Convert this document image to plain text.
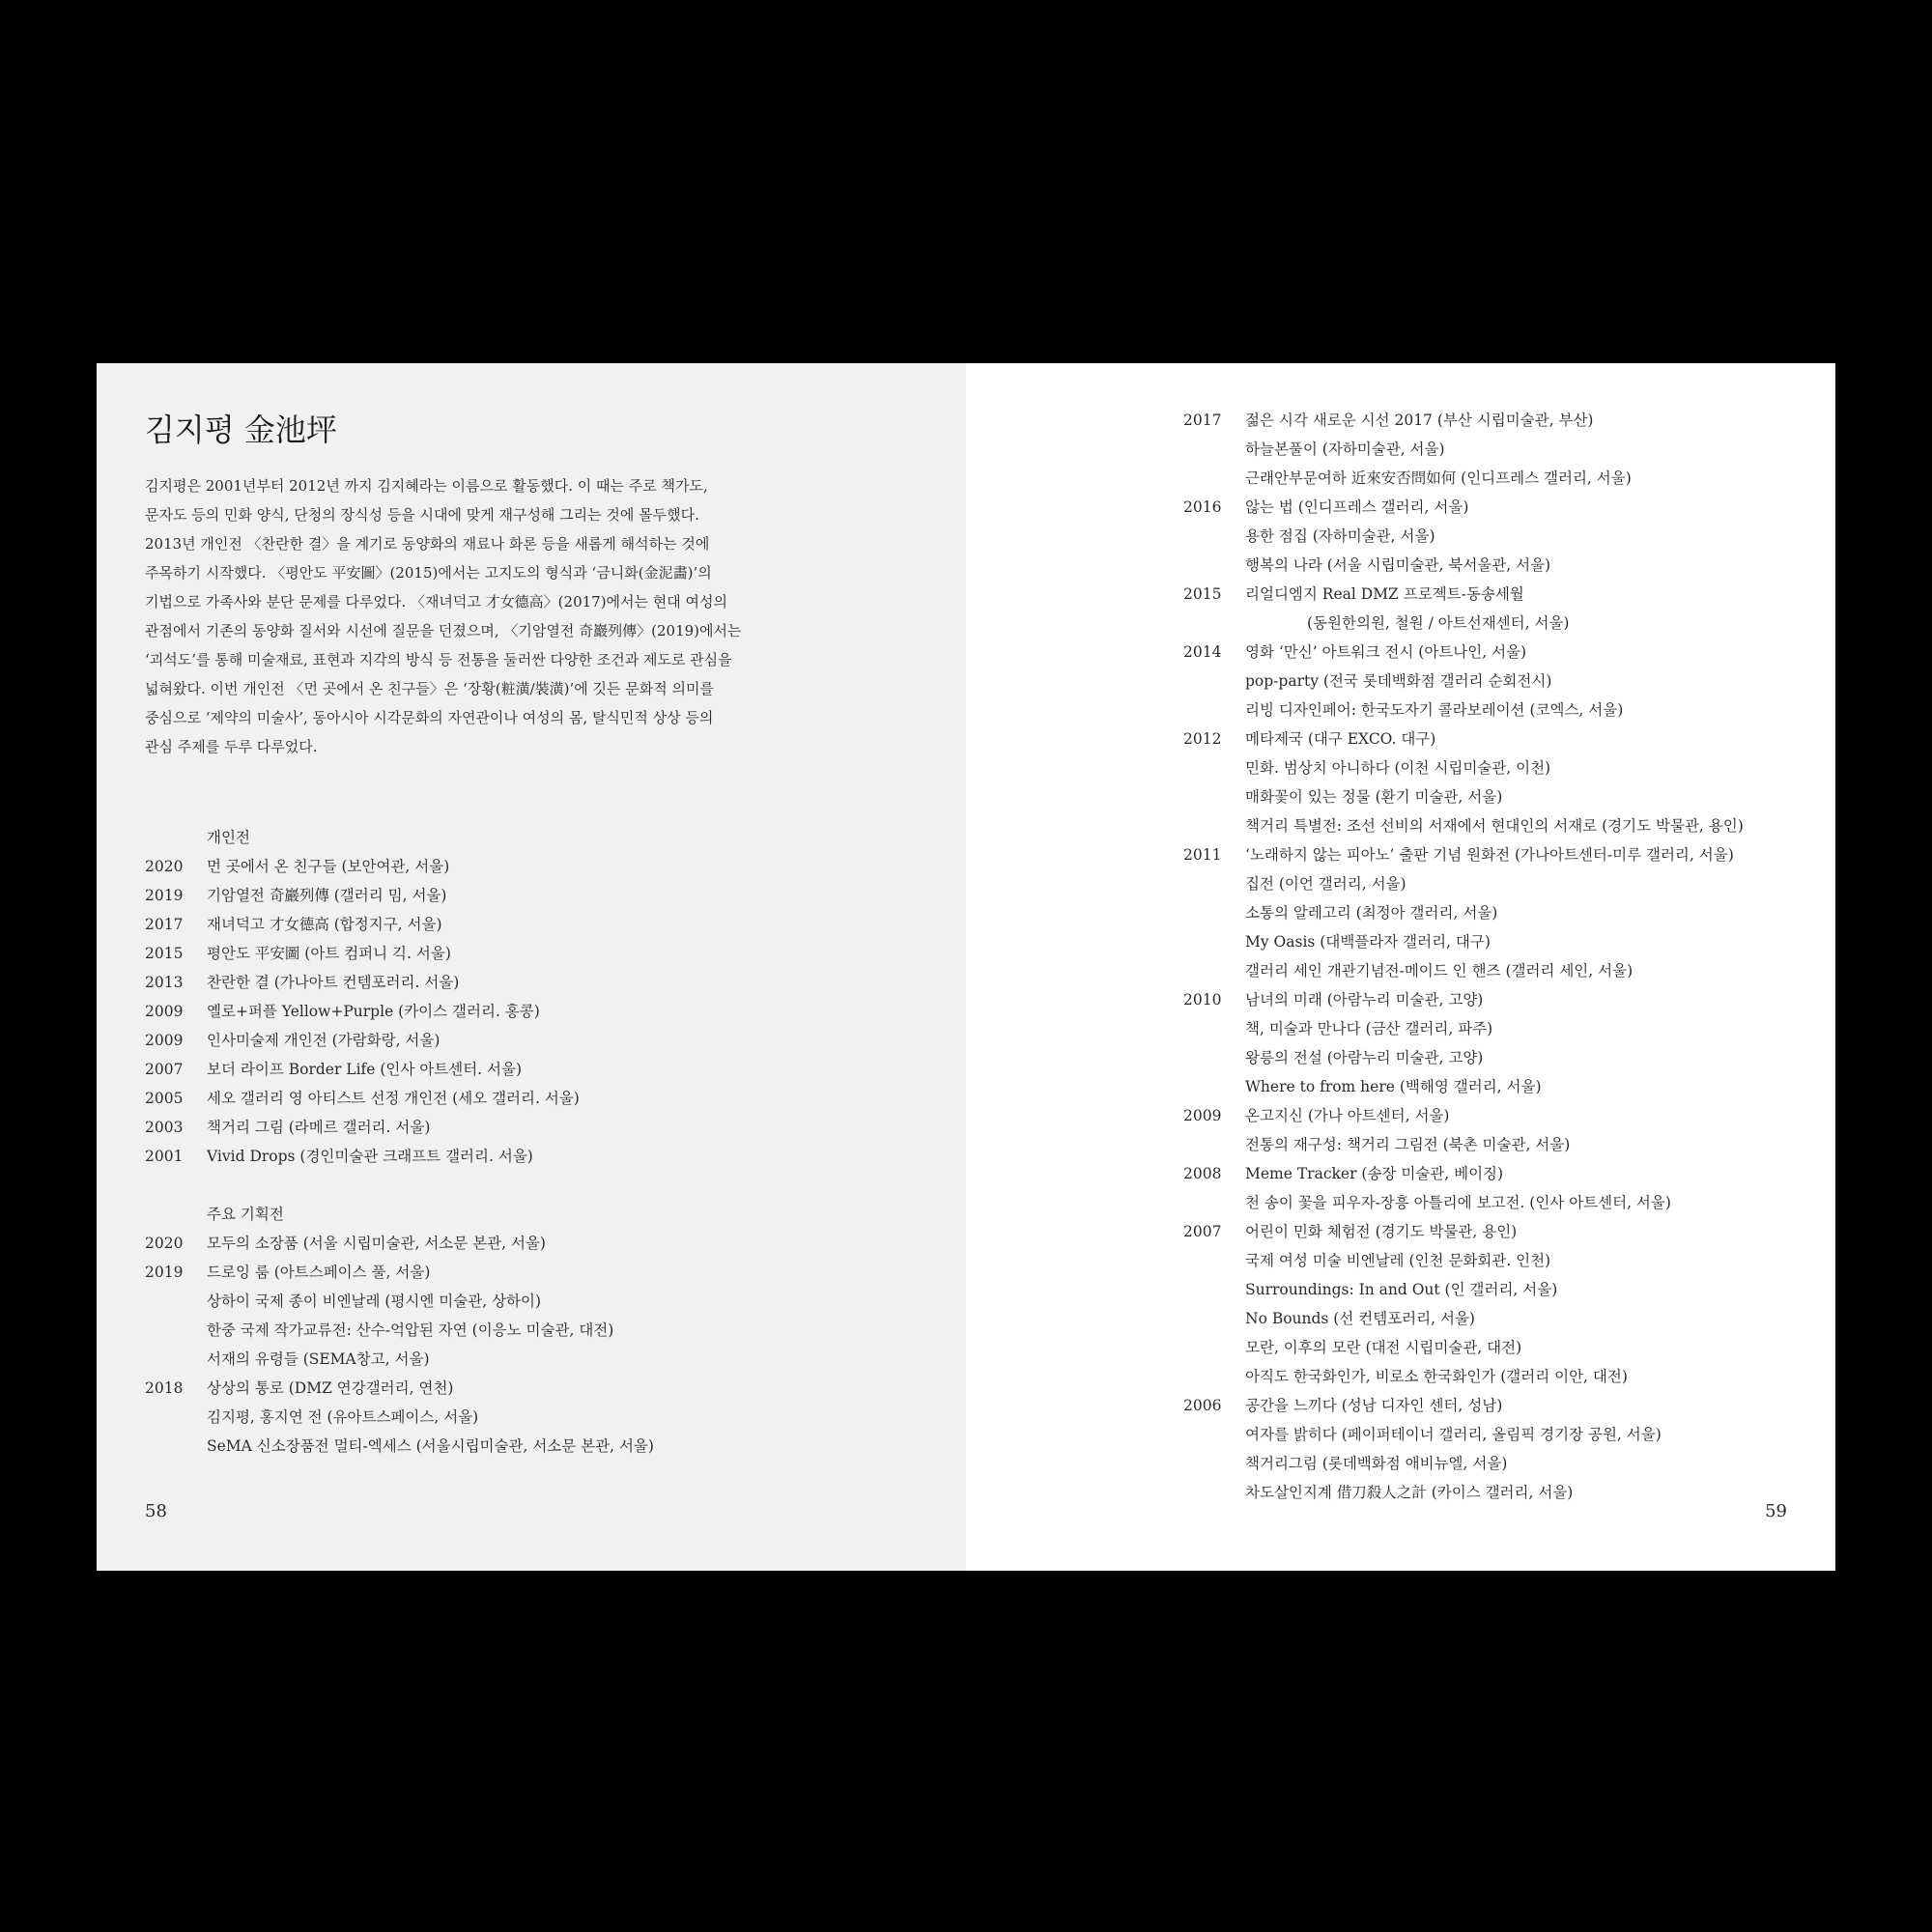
김지평 金池坪
김지평은 2001년부터 2012년 까지 김지혜라는 이름으로 활동했다. 이 때는 주로 책가도,
문자도 등의 민화 양식, 단청의 장식성 등을 시대에 맞게 재구성해 그리는 것에 몰두했다.
2013년 개인전 〈찬란한 결〉을 계기로 동양화의 재료나 화론 등을 새롭게 해석하는 것에
주목하기 시작했다. 〈평안도 平安圖〉(2015)에서는 고지도의 형식과 ‘금니화(金泥畵)’의
기법으로 가족사와 분단 문제를 다루었다. 〈재녀덕고 才女德高〉(2017)에서는 현대 여성의
관점에서 기존의 동양화 질서와 시선에 질문을 던졌으며, 〈기암열전 奇巖列傳〉(2019)에서는
‘괴석도’를 통해 미술재료, 표현과 지각의 방식 등 전통을 둘러싼 다양한 조건과 제도로 관심을
넓혀왔다. 이번 개인전 〈먼 곳에서 온 친구들〉은 ‘장황(粧潢/裝潢)’에 깃든 문화적 의미를
중심으로 ‘제약의 미술사’, 동아시아 시각문화의 자연관이나 여성의 몸, 탈식민적 상상 등의
관심 주제를 두루 다루었다.
개인전
2020	먼 곳에서 온 친구들 (보안여관, 서울)
2019	기암열전 奇巖列傳 (갤러리 밈, 서울)
2017	재녀덕고 才女德高 (합정지구, 서울)
2015	평안도 平安圖 (아트 컴퍼니 긱. 서울)
2013	찬란한 결 (가나아트 컨템포러리. 서울)
2009	옐로+퍼플 Yellow+Purple (카이스 갤러리. 홍콩)
2009	인사미술제 개인전 (가람화랑, 서울)
2007	보더 라이프 Border Life (인사 아트센터. 서울)
2005	세오 갤러리 영 아티스트 선정 개인전 (세오 갤러리. 서울)
2003	책거리 그림 (라메르 갤러리. 서울)
2001	Vivid Drops (경인미술관 크래프트 갤러리. 서울)
주요 기획전
2020	모두의 소장품 (서울 시립미술관, 서소문 본관, 서울)
2019	드로잉 룸 (아트스페이스 풀, 서울)
상하이 국제 종이 비엔날레 (평시엔 미술관, 상하이)
한중 국제 작가교류전: 산수-억압된 자연 (이응노 미술관, 대전)
서재의 유령들 (SEMA창고, 서울)
2018	상상의 통로 (DMZ 연강갤러리, 연천)
김지평, 홍지연 전 (유아트스페이스, 서울)
SeMA 신소장품전 멀티-엑세스 (서울시립미술관, 서소문 본관, 서울)
58
2017	젊은 시각 새로운 시선 2017 (부산 시립미술관, 부산)
하늘본풀이 (자하미술관, 서울)
근래안부문여하 近來安否問如何 (인디프레스 갤러리, 서울)
2016	않는 법 (인디프레스 갤러리, 서울)
용한 점집 (자하미술관, 서울)
행복의 나라 (서울 시립미술관, 북서울관, 서울)
2015	리얼디엠지 Real DMZ 프로젝트-동송세월
(동원한의원, 철원 / 아트선재센터, 서울)
2014	영화 ‘만신’ 아트워크 전시 (아트나인, 서울)
pop-party (전국 롯데백화점 갤러리 순회전시)
리빙 디자인페어: 한국도자기 콜라보레이션 (코엑스, 서울)
2012	메타제국 (대구 EXCO. 대구)
민화. 범상치 아니하다 (이천 시립미술관, 이천)
매화꽃이 있는 정물 (환기 미술관, 서울)
책거리 특별전: 조선 선비의 서재에서 현대인의 서재로 (경기도 박물관, 용인)
2011	‘노래하지 않는 피아노’ 출판 기념 원화전 (가나아트센터-미루 갤러리, 서울)
집전 (이언 갤러리, 서울)
소통의 알레고리 (최정아 갤러리, 서울)
My Oasis (대백플라자 갤러리, 대구)
갤러리 세인 개관기념전-메이드 인 핸즈 (갤러리 세인, 서울)
2010	남녀의 미래 (아람누리 미술관, 고양)
책, 미술과 만나다 (금산 갤러리, 파주)
왕릉의 전설 (아람누리 미술관, 고양)
Where to from here (백해영 갤러리, 서울)
2009	온고지신 (가나 아트센터, 서울)
전통의 재구성: 책거리 그림전 (북촌 미술관, 서울)
2008	Meme Tracker (송장 미술관, 베이징)
천 송이 꽃을 피우자-장흥 아틀리에 보고전. (인사 아트센터, 서울)
2007	어린이 민화 체험전 (경기도 박물관, 용인)
국제 여성 미술 비엔날레 (인천 문화회관. 인천)
Surroundings: In and Out (인 갤러리, 서울)
No Bounds (선 컨템포러리, 서울)
모란, 이후의 모란 (대전 시립미술관, 대전)
아직도 한국화인가, 비로소 한국화인가 (갤러리 이안, 대전)
2006	공간을 느끼다 (성남 디자인 센터, 성남)
여자를 밝히다 (페이퍼테이너 갤러리, 올림픽 경기장 공원, 서울)
책거리그림 (롯데백화점 애비뉴엘, 서울)
차도살인지계 借刀殺人之計 (카이스 갤러리, 서울)
59
